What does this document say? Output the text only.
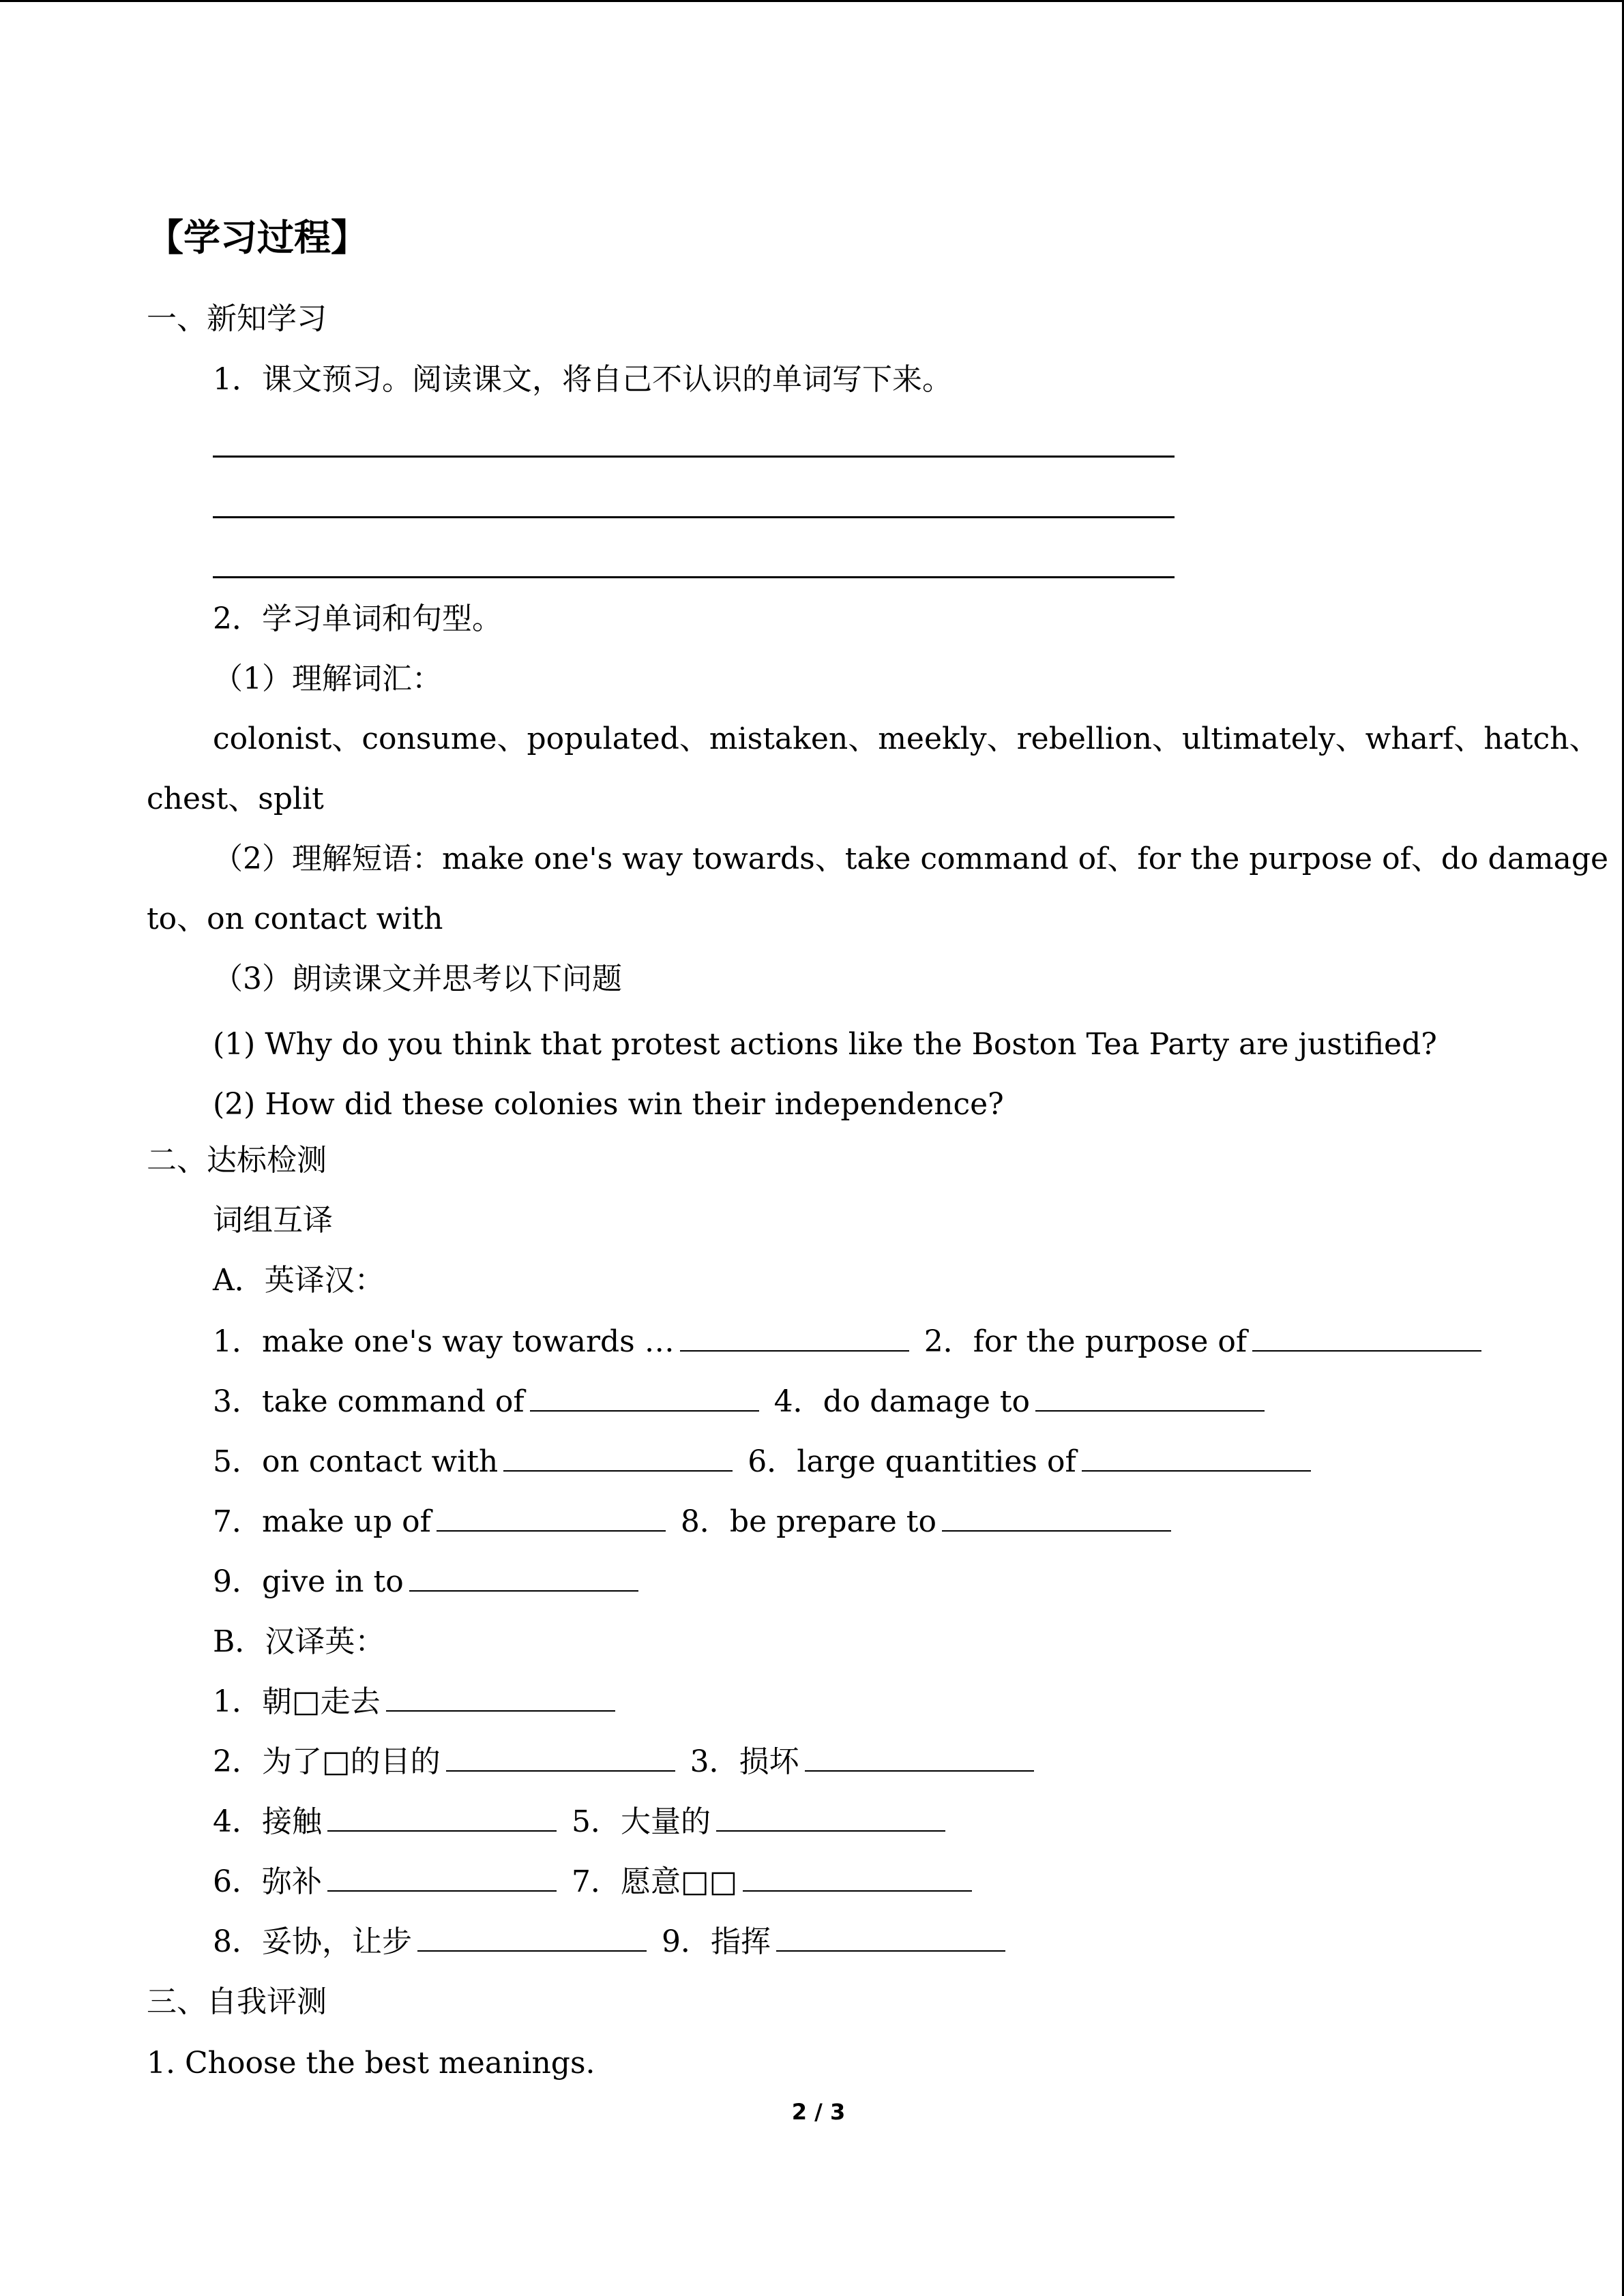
【学习过程】
一、新知学习
1．课文预习。阅读课文，将自己不认识的单词写下来。
2．学习单词和句型。
（1）理解词汇：
colonist、consume、populated、mistaken、meekly、rebellion、ultimately、wharf、hatch、
chest、split
（2）理解短语：make one's way towards、take command of、for the purpose of、do damage
to、on contact with
（3）朗读课文并思考以下问题
(1) Why do you think that protest actions like the Boston Tea Party are justified?
(2) How did these colonies win their independence?
二、达标检测
词组互译
A．英译汉：
1．make one's way towards …	2．for the purpose of
3．take command of	4．do damage to
5．on contact with	6．large quantities of
7．make up of	8．be prepare to
9．give in to
B．汉译英：
1．朝□走去
2．为了□的目的	3．损坏
4．接触	5．大量的
6．弥补	7．愿意□□
8．妥协，让步	9．指挥
三、自我评测
1. Choose the best meanings.
2 / 3
